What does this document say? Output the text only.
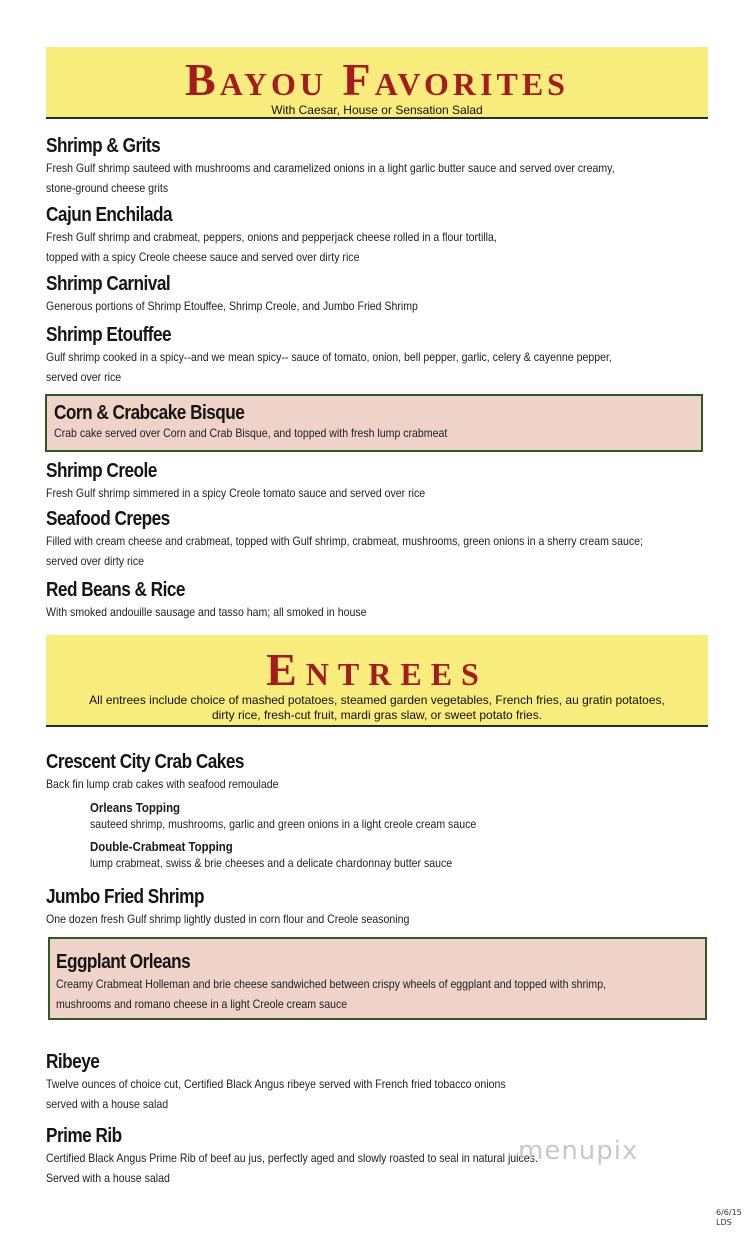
Bayou Favorites
With Caesar, House or Sensation Salad
Shrimp & Grits
Fresh Gulf shrimp sauteed with mushrooms and caramelized onions in a light garlic butter sauce and served over creamy,
stone-ground cheese grits
Cajun Enchilada
Fresh Gulf shrimp and crabmeat, peppers, onions and pepperjack cheese rolled in a flour tortilla,
topped with a spicy Creole cheese sauce and served over dirty rice
Shrimp Carnival
Generous portions of Shrimp Etouffee, Shrimp Creole, and Jumbo Fried Shrimp
Shrimp Etouffee
Gulf shrimp cooked in a spicy--and we mean spicy-- sauce of tomato, onion, bell pepper, garlic, celery & cayenne pepper,
served over rice
Corn & Crabcake Bisque
Crab cake served over Corn and Crab Bisque, and topped with fresh lump crabmeat
Shrimp Creole
Fresh Gulf shrimp simmered in a spicy Creole tomato sauce and served over rice
Seafood Crepes
Filled with cream cheese and crabmeat, topped with Gulf shrimp, crabmeat, mushrooms, green onions in a sherry cream sauce;
served over dirty rice
Red Beans & Rice
With smoked andouille sausage and tasso ham; all smoked in house
Entrees
All entrees include choice of mashed potatoes, steamed garden vegetables, French fries, au gratin potatoes,
dirty rice, fresh-cut fruit, mardi gras slaw, or sweet potato fries.
Crescent City Crab Cakes
Back fin lump crab cakes with seafood remoulade
Orleans Topping
sauteed shrimp, mushrooms, garlic and green onions in a light creole cream sauce
Double-Crabmeat Topping
lump crabmeat, swiss & brie cheeses and a delicate chardonnay butter sauce
Jumbo Fried Shrimp
One dozen fresh Gulf shrimp lightly dusted in corn flour and Creole seasoning
Eggplant Orleans
Creamy Crabmeat Holleman and brie cheese sandwiched between crispy wheels of eggplant and topped with shrimp,
mushrooms and romano cheese in a light Creole cream sauce
Ribeye
Twelve ounces of choice cut, Certified Black Angus ribeye served with French fried tobacco onions
served with a house salad
Prime Rib
Certified Black Angus Prime Rib of beef au jus, perfectly aged and slowly roasted to seal in natural juices.
Served with a house salad
menupix
6/6/15
LDS
